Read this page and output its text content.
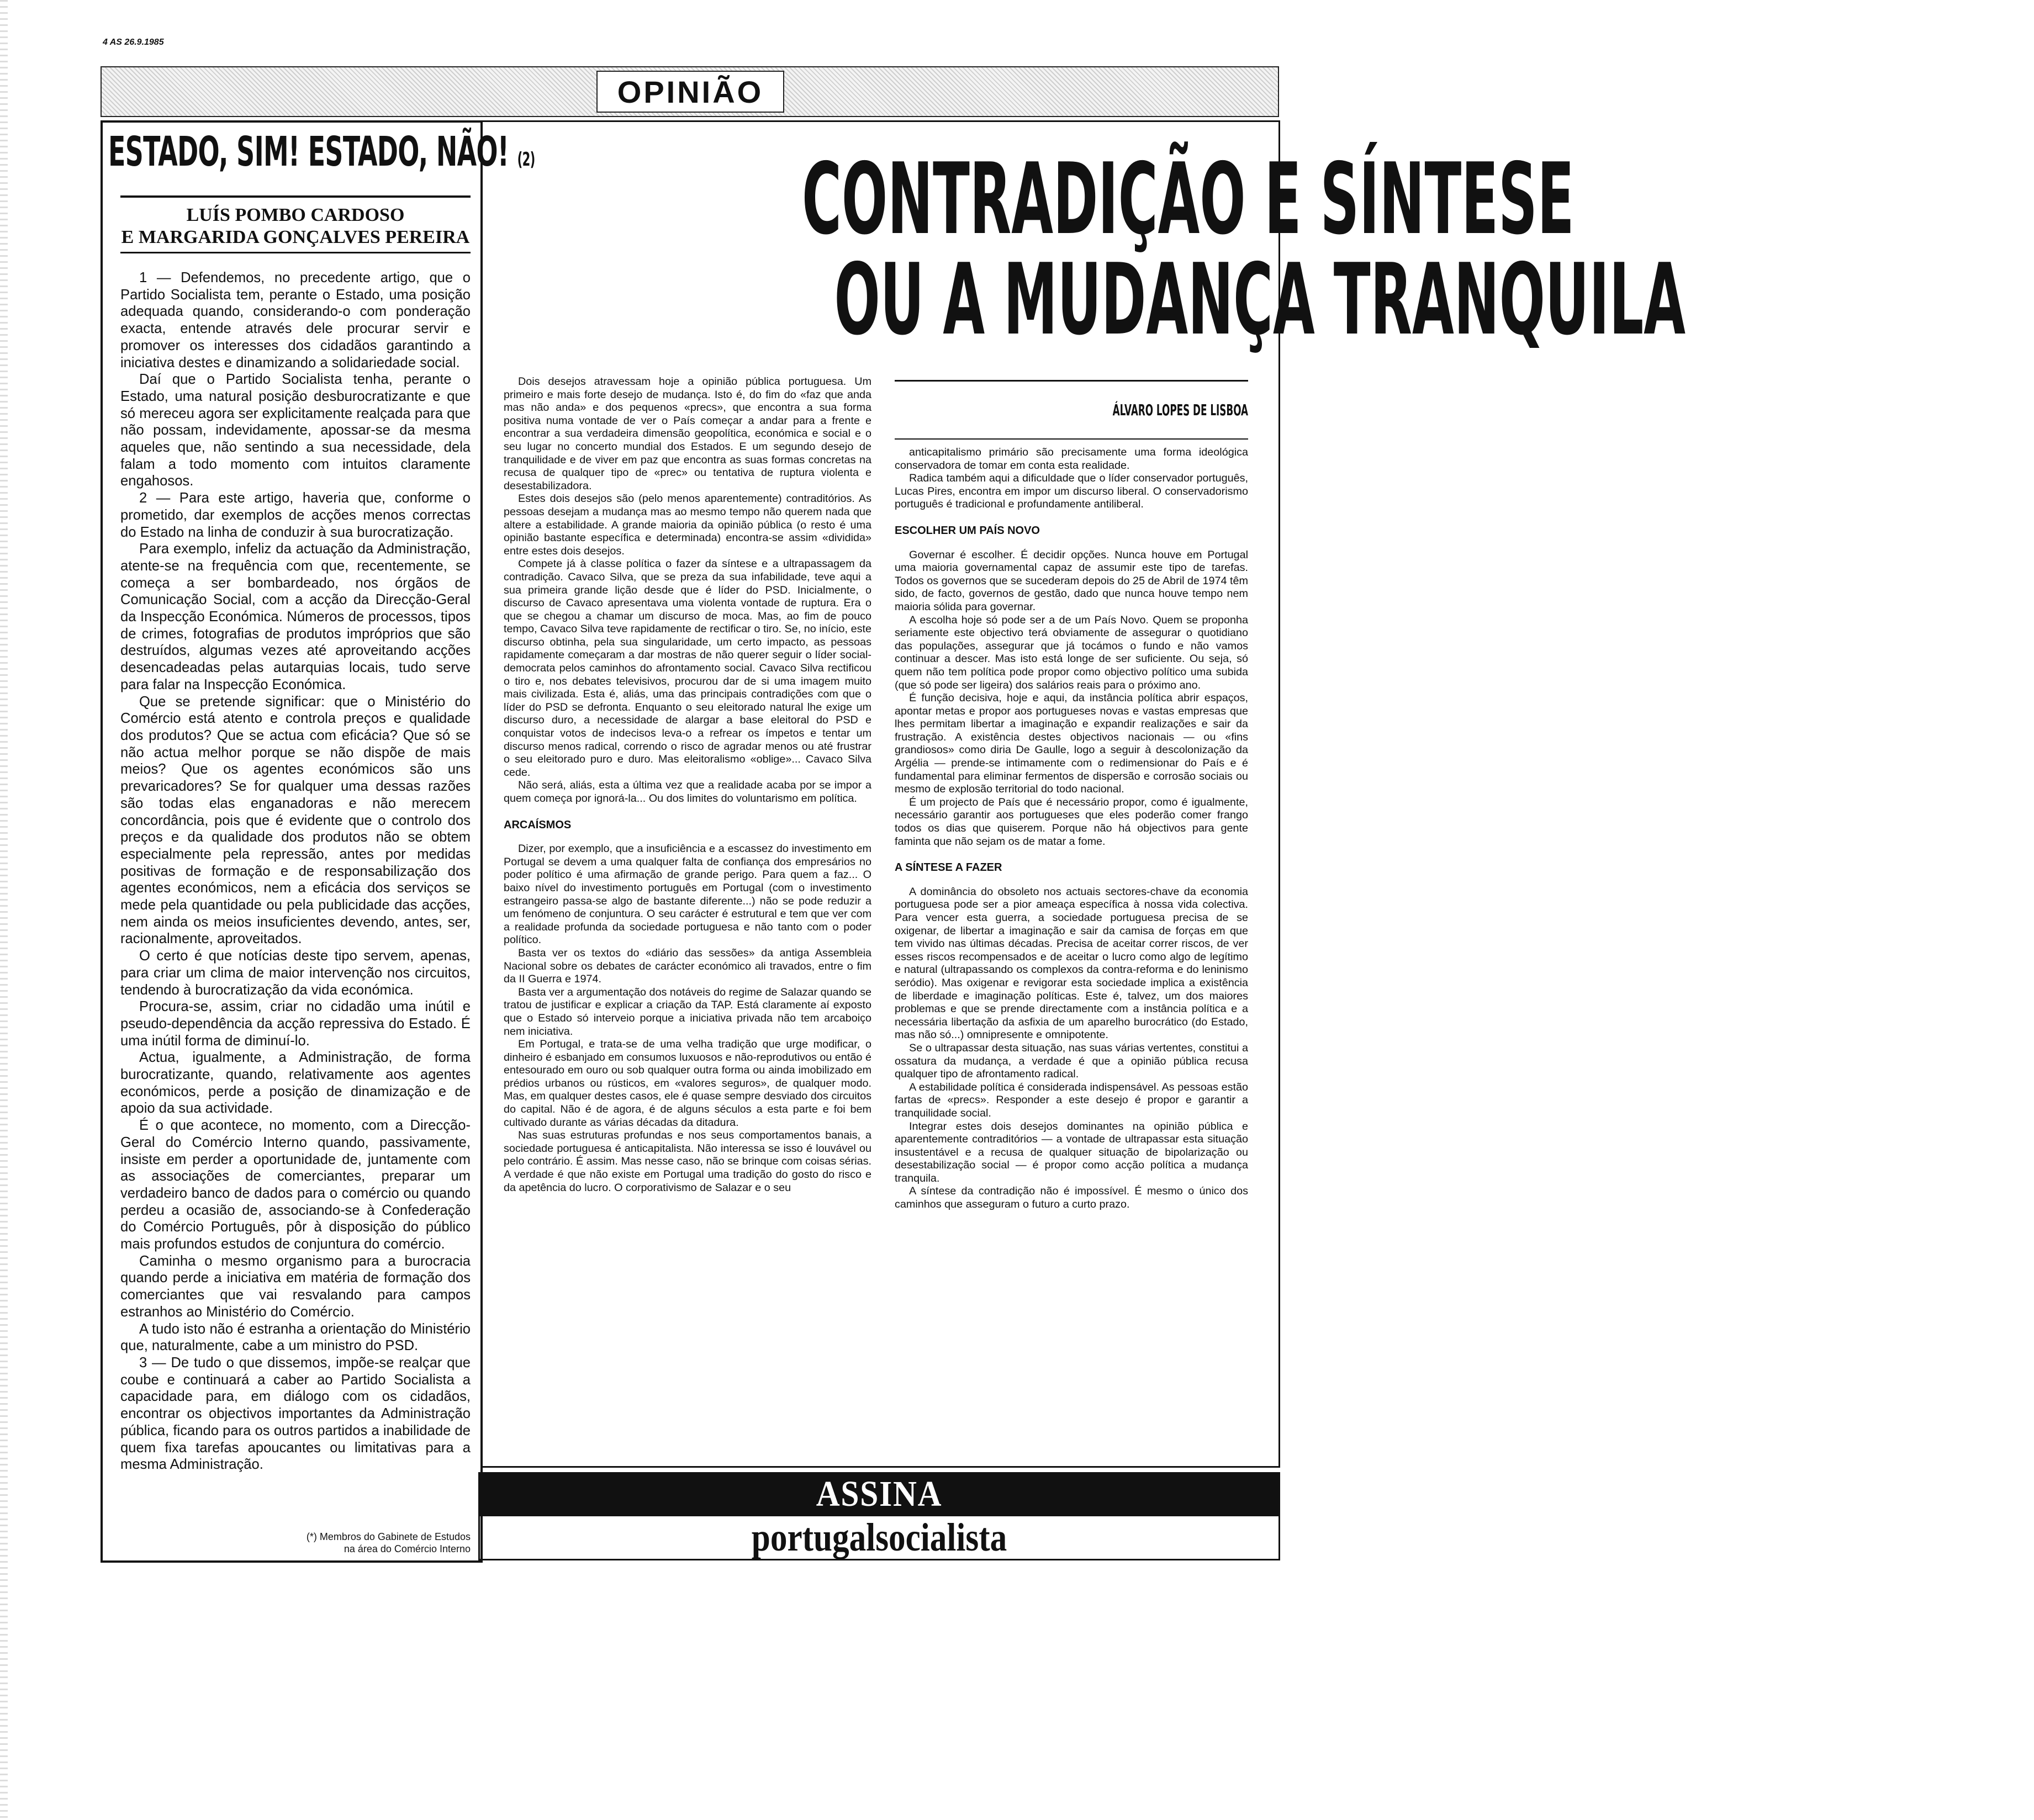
4 AS 26.9.1985
OPINIÃO
ESTADO, SIM! ESTADO, NÃO! (2)
LUÍS POMBO CARDOSO
E MARGARIDA GONÇALVES PEREIRA

1 — Defendemos, no precedente artigo, que o Partido Socialista tem, perante o Estado, uma posição adequada quando, considerando-o com ponderação exacta, entende através dele procurar servir e promover os interesses dos cidadãos garantindo a iniciativa destes e dinamizando a solidariedade social.

Daí que o Partido Socialista tenha, perante o Estado, uma natural posição desburocratizante e que só mereceu agora ser explicitamente realçada para que não possam, indevidamente, apossar-se da mesma aqueles que, não sentindo a sua necessidade, dela falam a todo momento com intuitos claramente engahosos.

2 — Para este artigo, haveria que, conforme o prometido, dar exemplos de acções menos correctas do Estado na linha de conduzir à sua burocratização.

Para exemplo, infeliz da actuação da Administração, atente-se na frequência com que, recentemente, se começa a ser bombardeado, nos órgãos de Comunicação Social, com a acção da Direcção-Geral da Inspecção Económica. Números de processos, tipos de crimes, fotografias de produtos impróprios que são destruídos, algumas vezes até aproveitando acções desencadeadas pelas autarquias locais, tudo serve para falar na Inspecção Económica.

Que se pretende significar: que o Ministério do Comércio está atento e controla preços e qualidade dos produtos? Que se actua com eficácia? Que só se não actua melhor porque se não dispõe de mais meios? Que os agentes económicos são uns prevaricadores? Se for qualquer uma dessas razões são todas elas enganadoras e não merecem concordância, pois que é evidente que o controlo dos preços e da qualidade dos produtos não se obtem especialmente pela repressão, antes por medidas positivas de formação e de responsabilização dos agentes económicos, nem a eficácia dos serviços se mede pela quantidade ou pela publicidade das acções, nem ainda os meios insuficientes devendo, antes, ser, racionalmente, aproveitados.

O certo é que notícias deste tipo servem, apenas, para criar um clima de maior intervenção nos circuitos, tendendo à burocratização da vida económica.

Procura-se, assim, criar no cidadão uma inútil e pseudo-dependência da acção repressiva do Estado. É uma inútil forma de diminuí-lo.

Actua, igualmente, a Administração, de forma burocratizante, quando, relativamente aos agentes económicos, perde a posição de dinamização e de apoio da sua actividade.

É o que acontece, no momento, com a Direcção-Geral do Comércio Interno quando, passivamente, insiste em perder a oportunidade de, juntamente com as associações de comerciantes, preparar um verdadeiro banco de dados para o comércio ou quando perdeu a ocasião de, associando-se à Confederação do Comércio Português, pôr à disposição do público mais profundos estudos de conjuntura do comércio.

Caminha o mesmo organismo para a burocracia quando perde a iniciativa em matéria de formação dos comerciantes que vai resvalando para campos estranhos ao Ministério do Comércio.

A tudo isto não é estranha a orientação do Ministério que, naturalmente, cabe a um ministro do PSD.

3 — De tudo o que dissemos, impõe-se realçar que coube e continuará a caber ao Partido Socialista a capacidade para, em diálogo com os cidadãos, encontrar os objectivos importantes da Administração pública, ficando para os outros partidos a inabilidade de quem fixa tarefas apoucantes ou limitativas para a mesma Administração.

(*) Membros do Gabinete de Estudos
na área do Comércio Interno
CONTRADIÇÃO E SÍNTESE
OU A MUDANÇA TRANQUILA

Dois desejos atravessam hoje a opinião pública portuguesa. Um primeiro e mais forte desejo de mudança. Isto é, do fim do «faz que anda mas não anda» e dos pequenos «precs», que encontra a sua forma positiva numa vontade de ver o País começar a andar para a frente e encontrar a sua verdadeira dimensão geopolítica, económica e social e o seu lugar no concerto mundial dos Estados. E um segundo desejo de tranquilidade e de viver em paz que encontra as suas formas concretas na recusa de qualquer tipo de «prec» ou tentativa de ruptura violenta e desestabilizadora.

Estes dois desejos são (pelo menos aparentemente) contraditórios. As pessoas desejam a mudança mas ao mesmo tempo não querem nada que altere a estabilidade. A grande maioria da opinião pública (o resto é uma opinião bastante específica e determinada) encontra-se assim «dividida» entre estes dois desejos.

Compete já à classe política o fazer da síntese e a ultrapassagem da contradição. Cavaco Silva, que se preza da sua infabilidade, teve aqui a sua primeira grande lição desde que é líder do PSD. Inicialmente, o discurso de Cavaco apresentava uma violenta vontade de ruptura. Era o que se chegou a chamar um discurso de moca. Mas, ao fim de pouco tempo, Cavaco Silva teve rapidamente de rectificar o tiro. Se, no início, este discurso obtinha, pela sua singularidade, um certo impacto, as pessoas rapidamente começaram a dar mostras de não querer seguir o líder social-democrata pelos caminhos do afrontamento social. Cavaco Silva rectificou o tiro e, nos debates televisivos, procurou dar de si uma imagem muito mais civilizada. Esta é, aliás, uma das principais contradições com que o líder do PSD se defronta. Enquanto o seu eleitorado natural lhe exige um discurso duro, a necessidade de alargar a base eleitoral do PSD e conquistar votos de indecisos leva-o a refrear os ímpetos e tentar um discurso menos radical, correndo o risco de agradar menos ou até frustrar o seu eleitorado puro e duro. Mas eleitoralismo «oblige»... Cavaco Silva cede.

Não será, aliás, esta a última vez que a realidade acaba por se impor a quem começa por ignorá-la... Ou dos limites do voluntarismo em política.

ARCAÍSMOS

Dizer, por exemplo, que a insuficiência e a escassez do investimento em Portugal se devem a uma qualquer falta de confiança dos empresários no poder político é uma afirmação de grande perigo. Para quem a faz... O baixo nível do investimento português em Portugal (com o investimento estrangeiro passa-se algo de bastante diferente...) não se pode reduzir a um fenómeno de conjuntura. O seu carácter é estrutural e tem que ver com a realidade profunda da sociedade portuguesa e não tanto com o poder político.

Basta ver os textos do «diário das sessões» da antiga Assembleia Nacional sobre os debates de carácter económico ali travados, entre o fim da II Guerra e 1974.

Basta ver a argumentação dos notáveis do regime de Salazar quando se tratou de justificar e explicar a criação da TAP. Está claramente aí exposto que o Estado só interveio porque a iniciativa privada não tem arcaboiço nem iniciativa.

Em Portugal, e trata-se de uma velha tradição que urge modificar, o dinheiro é esbanjado em consumos luxuosos e não-reprodutivos ou então é entesourado em ouro ou sob qualquer outra forma ou ainda imobilizado em prédios urbanos ou rústicos, em «valores seguros», de qualquer modo. Mas, em qualquer destes casos, ele é quase sempre desviado dos circuitos do capital. Não é de agora, é de alguns séculos a esta parte e foi bem cultivado durante as várias décadas da ditadura.

Nas suas estruturas profundas e nos seus comportamentos banais, a sociedade portuguesa é anticapitalista. Não interessa se isso é louvável ou pelo contrário. É assim. Mas nesse caso, não se brinque com coisas sérias. A verdade é que não existe em Portugal uma tradição do gosto do risco e da apetência do lucro. O corporativismo de Salazar e o seu

ÁLVARO LOPES DE LISBOA

anticapitalismo primário são precisamente uma forma ideológica conservadora de tomar em conta esta realidade.

Radica também aqui a dificuldade que o líder conservador português, Lucas Pires, encontra em impor um discurso liberal. O conservadorismo português é tradicional e profundamente antiliberal.

ESCOLHER UM PAÍS NOVO

Governar é escolher. É decidir opções. Nunca houve em Portugal uma maioria governamental capaz de assumir este tipo de tarefas. Todos os governos que se sucederam depois do 25 de Abril de 1974 têm sido, de facto, governos de gestão, dado que nunca houve tempo nem maioria sólida para governar.

A escolha hoje só pode ser a de um País Novo. Quem se proponha seriamente este objectivo terá obviamente de assegurar o quotidiano das populações, assegurar que já tocámos o fundo e não vamos continuar a descer. Mas isto está longe de ser suficiente. Ou seja, só quem não tem política pode propor como objectivo político uma subida (que só pode ser ligeira) dos salários reais para o próximo ano.

É função decisiva, hoje e aqui, da instância política abrir espaços, apontar metas e propor aos portugueses novas e vastas empresas que lhes permitam libertar a imaginação e expandir realizações e sair da frustração. A existência destes objectivos nacionais — ou «fins grandiosos» como diria De Gaulle, logo a seguir à descolonização da Argélia — prende-se intimamente com o redimensionar do País e é fundamental para eliminar fermentos de dispersão e corrosão sociais ou mesmo de explosão territorial do todo nacional.

É um projecto de País que é necessário propor, como é igualmente, necessário garantir aos portugueses que eles poderão comer frango todos os dias que quiserem. Porque não há objectivos para gente faminta que não sejam os de matar a fome.

A SÍNTESE A FAZER

A dominância do obsoleto nos actuais sectores-chave da economia portuguesa pode ser a pior ameaça específica à nossa vida colectiva. Para vencer esta guerra, a sociedade portuguesa precisa de se oxigenar, de libertar a imaginação e sair da camisa de forças em que tem vivido nas últimas décadas. Precisa de aceitar correr riscos, de ver esses riscos recompensados e de aceitar o lucro como algo de legítimo e natural (ultrapassando os complexos da contra-reforma e do leninismo seródio). Mas oxigenar e revigorar esta sociedade implica a existência de liberdade e imaginação políticas. Este é, talvez, um dos maiores problemas e que se prende directamente com a instância política e a necessária libertação da asfixia de um aparelho burocrático (do Estado, mas não só...) omnipresente e omnipotente.

Se o ultrapassar desta situação, nas suas várias vertentes, constitui a ossatura da mudança, a verdade é que a opinião pública recusa qualquer tipo de afrontamento radical.

A estabilidade política é considerada indispensável. As pessoas estão fartas de «precs». Responder a este desejo é propor e garantir a tranquilidade social.

Integrar estes dois desejos dominantes na opinião pública e aparentemente contraditórios — a vontade de ultrapassar esta situação insustentável e a recusa de qualquer situação de bipolarização ou desestabilização social — é propor como acção política a mudança tranquila.

A síntese da contradição não é impossível. É mesmo o único dos caminhos que asseguram o futuro a curto prazo.

ASSINA
portugalsocialista
